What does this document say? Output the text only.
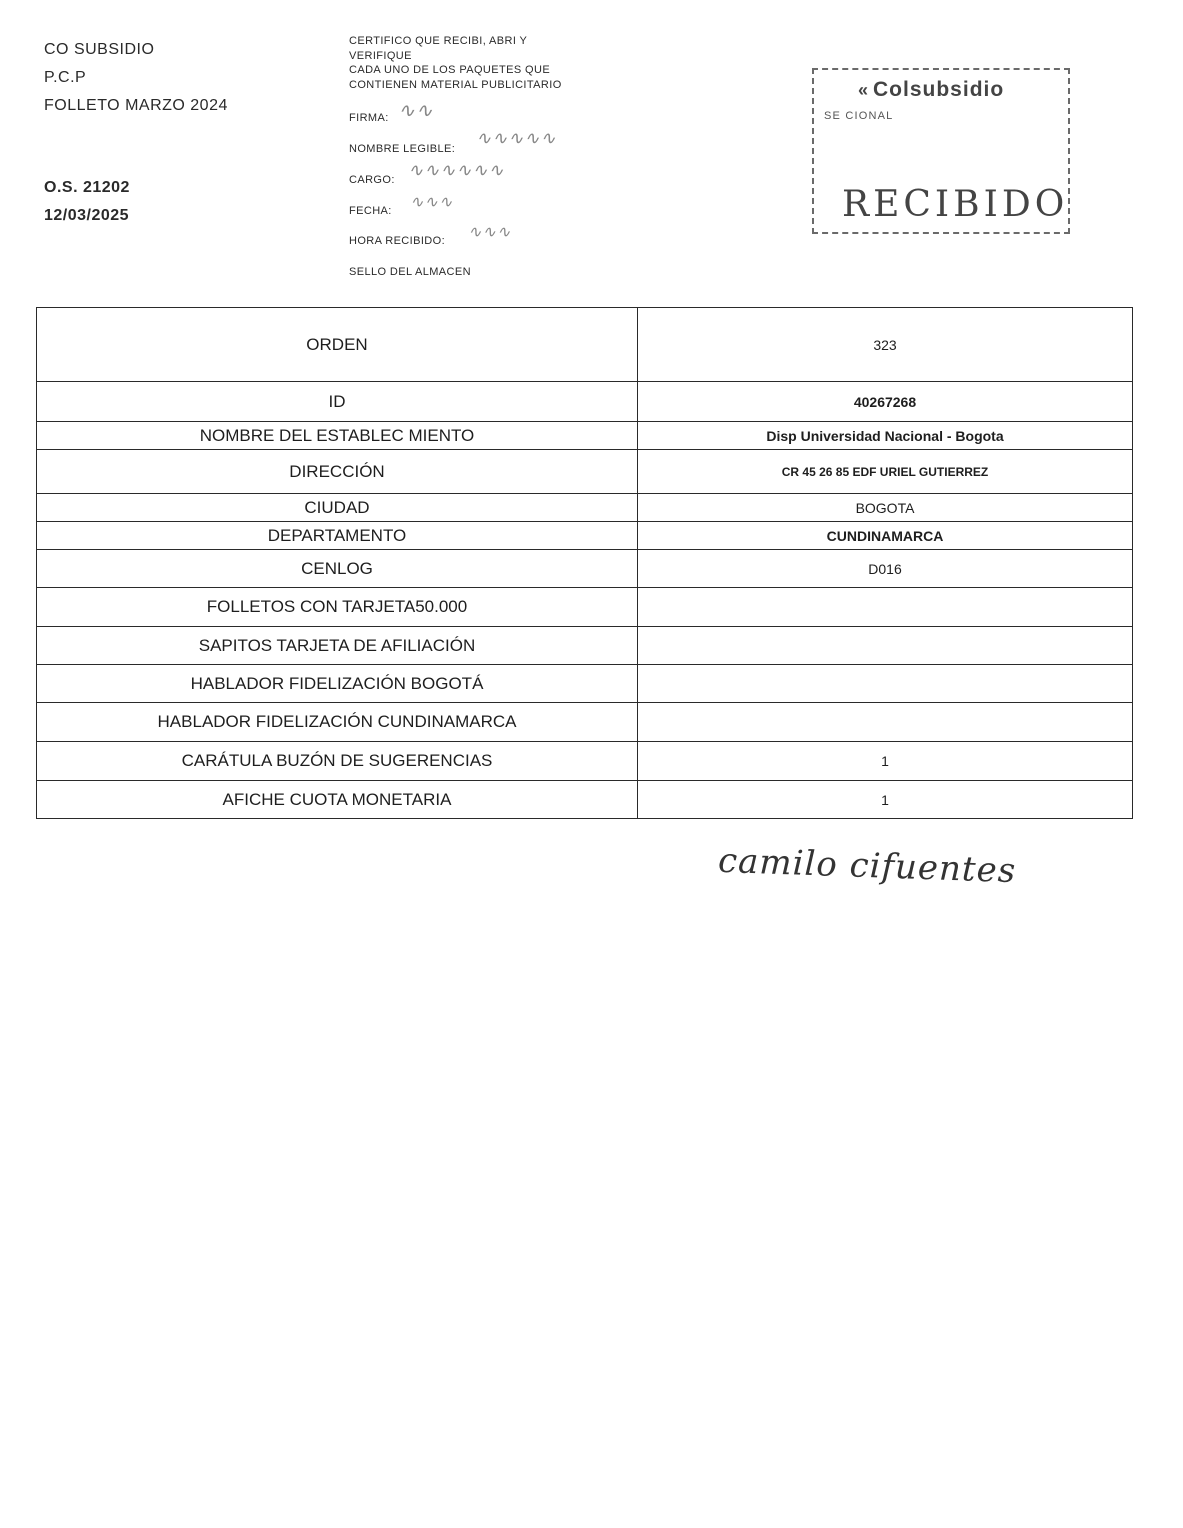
CO SUBSIDIO
P.C.P
FOLLETO MARZO 2024
O.S. 21202
12/03/2025
CERTIFICO QUE RECIBI, ABRI Y
VERIFIQUE
CADA UNO DE LOS PAQUETES QUE
CONTIENEN MATERIAL PUBLICITARIO
FIRMA: ∿∿
NOMBRE LEGIBLE: ∿∿∿∿∿
CARGO: ∿∿∿∿∿∿
FECHA: ∿∿∿
HORA RECIBIDO: ∿∿∿
SELLO DEL ALMACEN
« Colsubsidio
SE CIONAL
RECIBIDO
ORDEN	323
ID	40267268
NOMBRE DEL ESTABLEC MIENTO	Disp Universidad Nacional - Bogota
DIRECCIÓN	CR 45 26 85 EDF URIEL GUTIERREZ
CIUDAD	BOGOTA
DEPARTAMENTO	CUNDINAMARCA
CENLOG	D016
FOLLETOS CON TARJETA50.000	
SAPITOS TARJETA DE AFILIACIÓN	
HABLADOR FIDELIZACIÓN BOGOTÁ	
HABLADOR FIDELIZACIÓN CUNDINAMARCA	
CARÁTULA BUZÓN DE SUGERENCIAS	1
AFICHE CUOTA MONETARIA	1
camilo cifuentes
